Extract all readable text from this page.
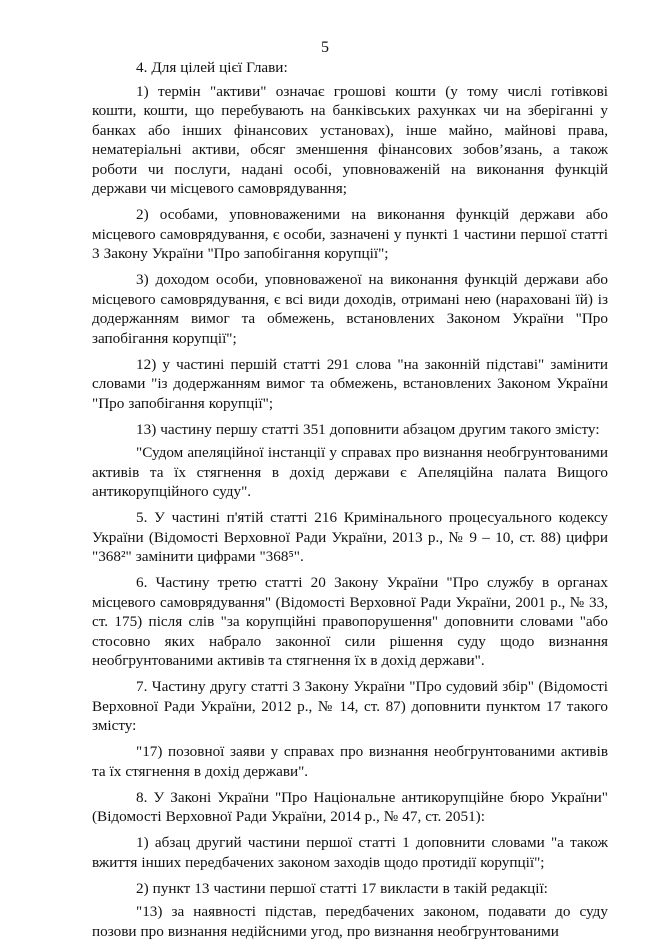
5

4. Для цілей цієї Глави:

1) термін "активи" означає грошові кошти (у тому числі готівкові кошти, кошти, що перебувають на банківських рахунках чи на зберіганні у банках або інших фінансових установах), інше майно, майнові права, нематеріальні активи, обсяг зменшення фінансових зобов’язань, а також роботи чи послуги, надані особі, уповноваженій на виконання функцій держави чи місцевого самоврядування;

2) особами, уповноваженими на виконання функцій держави або місцевого самоврядування, є особи, зазначені у пункті 1 частини першої статті 3 Закону України "Про запобігання корупції";

3) доходом особи, уповноваженої на виконання функцій держави або місцевого самоврядування, є всі види доходів, отримані нею (нараховані їй) із додержанням вимог та обмежень, встановлених Законом України "Про запобігання корупції";

12) у частині першій статті 291 слова "на законній підставі" замінити словами "із додержанням вимог та обмежень, встановлених Законом України "Про запобігання корупції";

13) частину першу статті 351 доповнити абзацом другим такого змісту:

"Судом апеляційної інстанції у справах про визнання необгрунтованими активів та їх стягнення в дохід держави є Апеляційна палата Вищого антикорупційного суду".

5. У частині п'ятій статті 216 Кримінального процесуального кодексу України (Відомості Верховної Ради України, 2013 р., № 9 – 10, ст. 88) цифри "368²" замінити цифрами "368⁵".

6. Частину третю статті 20 Закону України "Про службу в органах місцевого самоврядування" (Відомості Верховної Ради України, 2001 р., № 33, ст. 175) після слів "за корупційні правопорушення" доповнити словами "або стосовно яких набрало законної сили рішення суду щодо визнання необгрунтованими активів та стягнення їх в дохід держави".

7. Частину другу статті 3 Закону України "Про судовий збір" (Відомості Верховної Ради України, 2012 р., № 14, ст. 87) доповнити пунктом 17 такого змісту:

"17) позовної заяви у справах про визнання необгрунтованими активів та їх стягнення в дохід держави".

8. У Законі України "Про Національне антикорупційне бюро України" (Відомості Верховної Ради України, 2014 р., № 47, ст. 2051):

1) абзац другий частини першої статті 1 доповнити словами "а також вжиття інших передбачених законом заходів щодо протидії корупції";

2) пункт 13 частини першої статті 17 викласти в такій редакції:

"13) за наявності підстав, передбачених законом, подавати до суду позови про визнання недійсними угод, про визнання необгрунтованими
